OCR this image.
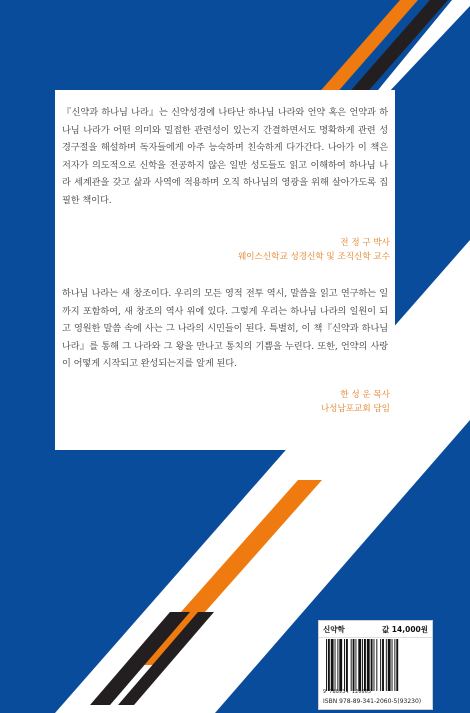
『신약과 하나님 나라』는 신약성경에 나타난 하나님 나라와 언약 혹은 언약과 하나님 나라가 어떤 의미와 밀접한 관련성이 있는지 간결하면서도 명확하게 관련 성경구절을 해설하며 독자들에게 아주 능숙하며 친숙하게 다가간다. 나아가 이 책은 저자가 의도적으로 신학을 전공하지 않은 일반 성도들도 읽고 이해하여 하나님 나라 세계관을 갖고 삶과 사역에 적용하며 오직 하나님의 영광을 위해 살아가도록 집필한 책이다.

전 정 구 박사
웨이스신학교 성경신학 및 조직신학 교수

하나님 나라는 새 창조이다. 우리의 모든 영적 전투 역시, 말씀을 읽고 연구하는 일까지 포함하여, 새 창조의 역사 위에 있다. 그렇게 우리는 하나님 나라의 일원이 되고 영원한 말씀 속에 사는 그 나라의 시민들이 된다. 특별히, 이 책『신약과 하나님 나라』를 통해 그 나라와 그 왕을 만나고 통치의 기쁨을 누린다. 또한, 언약의 사랑이 어떻게 시작되고 완성되는지를 알게 된다.

한 성 운 목사
나성남포교회 담임
신약학	값 14,000원
9 788934 120665
ISBN 978-89-341-2060-5(93230)
